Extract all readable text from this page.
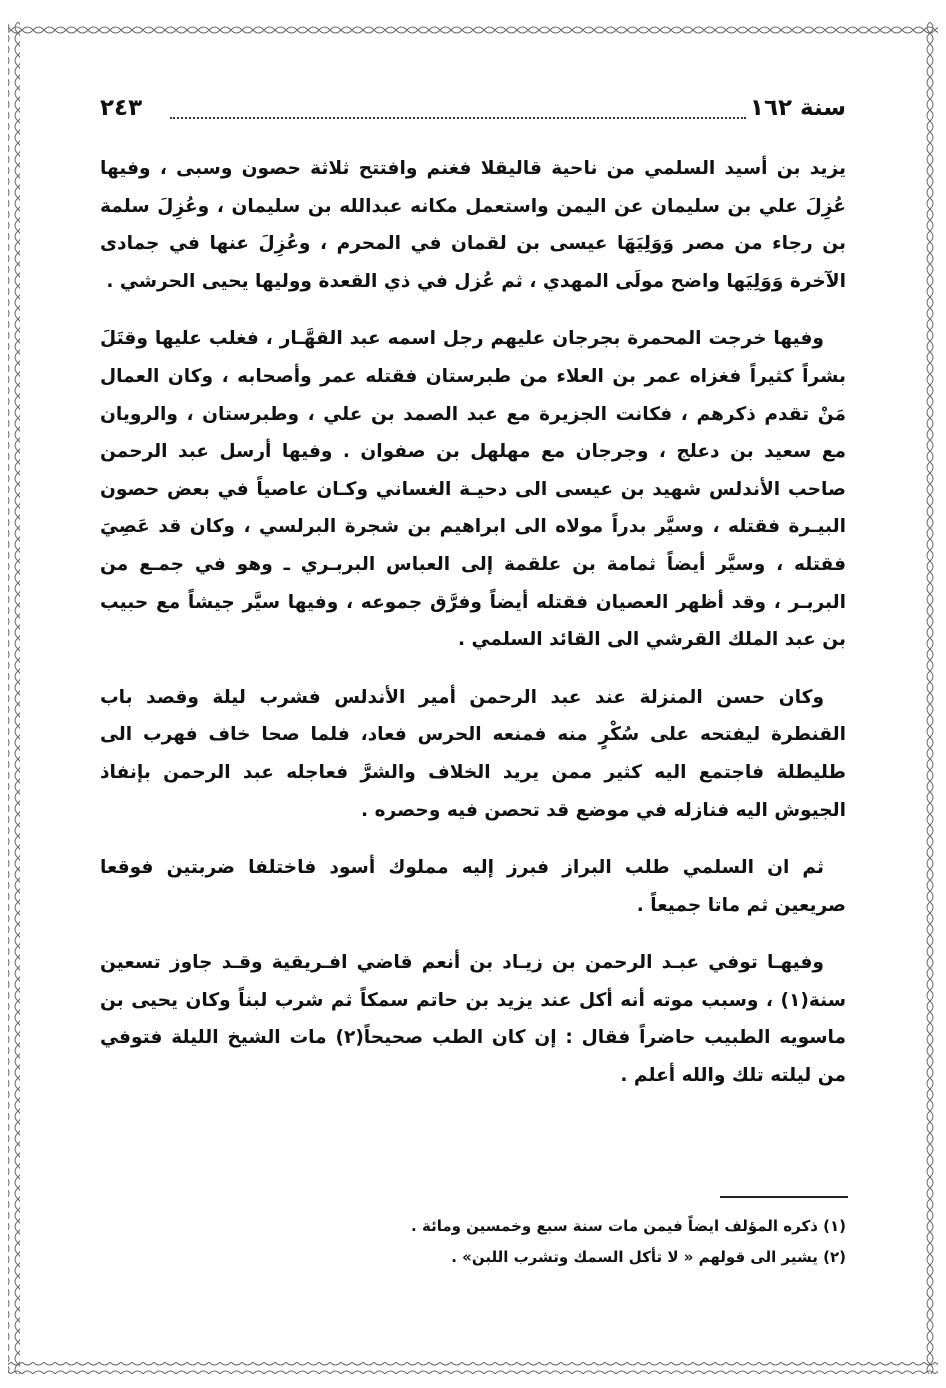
سنة ١٦٢
٢٤٣

يزيد بن أسيد السلمي من ناحية قاليقلا فغنم وافتتح ثلاثة حصون وسبى ، وفيها عُزِلَ علي بن سليمان عن اليمن واستعمل مكانه عبدالله بن سليمان ، وعُزِلَ سلمة بن رجاء من مصر وَوَلِيَهَا عيسى بن لقمان في المحرم ، وعُزِلَ عنها في جمادى الآخرة وَوَلِيَها واضح مولَى المهدي ، ثم عُزل في ذي القعدة ووليها يحيى الحرشي .

وفيها خرجت المحمرة بجرجان عليهم رجل اسمه عبد القهَّـار ، فغلب عليها وقتَلَ بشراً كثيراً فغزاه عمر بن العلاء من طبرستان فقتله عمر وأصحابه ، وكان العمال مَنْ تقدم ذكرهم ، فكانت الجزيرة مع عبد الصمد بن علي ، وطبرستان ، والرويان مع سعيد بن دعلج ، وجرجان مع مهلهل بن صفوان . وفيها أرسل عبد الرحمن صاحب الأندلس شهيد بن عيسى الى دحيـة الغساني وكـان عاصياً في بعض حصون البيـرة فقتله ، وسيَّر بدراً مولاه الى ابراهيم بن شجرة البرلسي ، وكان قد عَصِيَ فقتله ، وسيَّر أيضاً ثمامة بن علقمة إلى العباس البربـري ـ وهو في جمـع من البربـر ، وقد أظهر العصيان فقتله أيضاً وفرَّق جموعه ، وفيها سيَّر جيشاً مع حبيب بن عبد الملك القرشي الى القائد السلمي .

وكان حسن المنزلة عند عبد الرحمن أمير الأندلس فشرب ليلة وقصد باب القنطرة ليفتحه على سُكْرٍ منه فمنعه الحرس فعاد، فلما صحا خاف فهرب الى طليطلة فاجتمع اليه كثير ممن يريد الخلاف والشرَّ فعاجله عبد الرحمن بإنفاذ الجيوش اليه فنازله في موضع قد تحصن فيه وحصره .

ثم ان السلمي طلب البراز فبرز إليه مملوك أسود فاختلفا ضربتين فوقعا صريعين ثم ماتا جميعاً .

وفيهـا توفي عبـد الرحمن بن زيـاد بن أنعم قاضي افـريقية وقـد جاوز تسعين سنة(١) ، وسبب موته أنه أكل عند يزيد بن حاتم سمكاً ثم شرب لبناً وكان يحيى بن ماسويه الطبيب حاضراً فقال : إن كان الطب صحيحاً(٢) مات الشيخ الليلة فتوفي من ليلته تلك والله أعلم .

(١) ذكره المؤلف ايضاً فيمن مات سنة سبع وخمسين ومائة .

(٢) يشير الى قولهم « لا تأكل السمك وتشرب اللبن» .
